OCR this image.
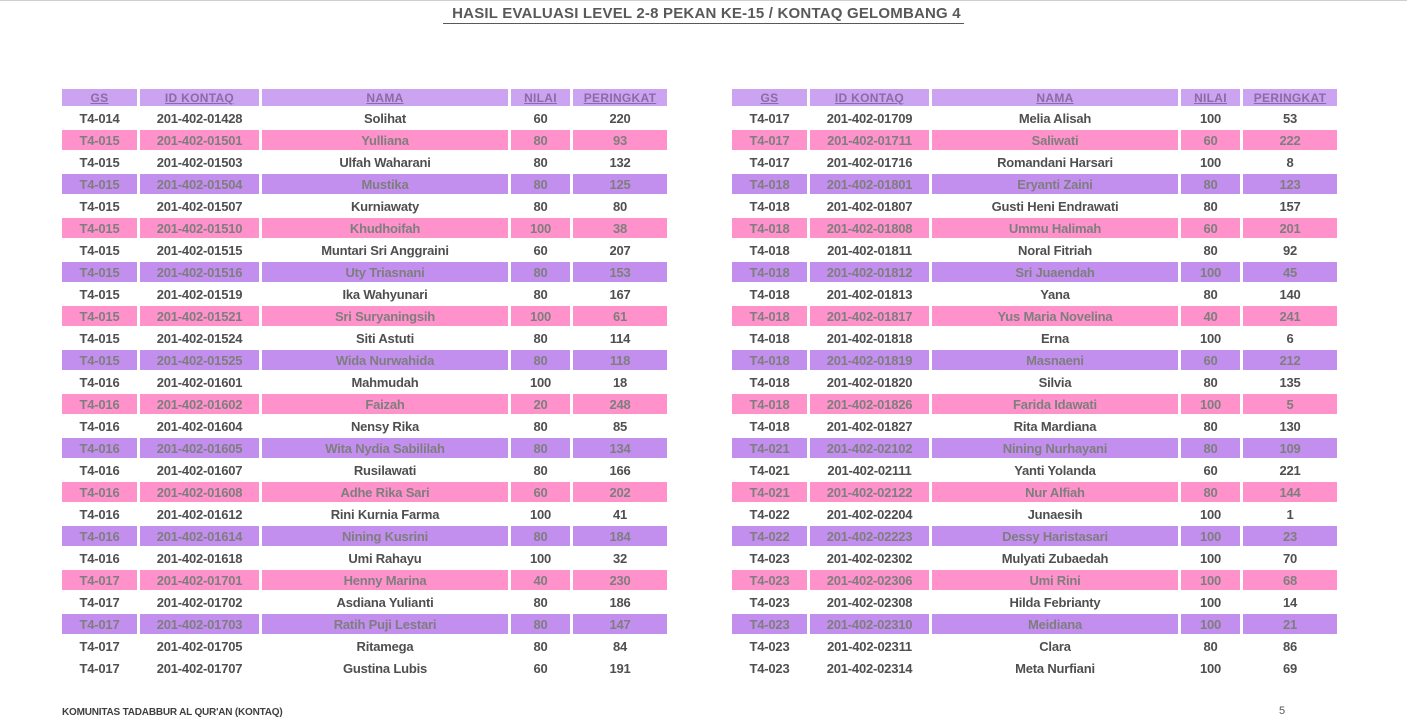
HASIL EVALUASI LEVEL 2-8 PEKAN KE-15 / KONTAQ GELOMBANG 4
GS	ID KONTAQ	NAMA	NILAI	PERINGKAT
T4-014	201-402-01428	Solihat	60	220
T4-015	201-402-01501	Yulliana	80	93
T4-015	201-402-01503	Ulfah Waharani	80	132
T4-015	201-402-01504	Mustika	80	125
T4-015	201-402-01507	Kurniawaty	80	80
T4-015	201-402-01510	Khudhoifah	100	38
T4-015	201-402-01515	Muntari Sri Anggraini	60	207
T4-015	201-402-01516	Uty Triasnani	80	153
T4-015	201-402-01519	Ika Wahyunari	80	167
T4-015	201-402-01521	Sri Suryaningsih	100	61
T4-015	201-402-01524	Siti Astuti	80	114
T4-015	201-402-01525	Wida Nurwahida	80	118
T4-016	201-402-01601	Mahmudah	100	18
T4-016	201-402-01602	Faizah	20	248
T4-016	201-402-01604	Nensy Rika	80	85
T4-016	201-402-01605	Wita Nydia Sabililah	80	134
T4-016	201-402-01607	Rusilawati	80	166
T4-016	201-402-01608	Adhe Rika Sari	60	202
T4-016	201-402-01612	Rini Kurnia Farma	100	41
T4-016	201-402-01614	Nining Kusrini	80	184
T4-016	201-402-01618	Umi Rahayu	100	32
T4-017	201-402-01701	Henny Marina	40	230
T4-017	201-402-01702	Asdiana Yulianti	80	186
T4-017	201-402-01703	Ratih Puji Lestari	80	147
T4-017	201-402-01705	Ritamega	80	84
T4-017	201-402-01707	Gustina Lubis	60	191
GS	ID KONTAQ	NAMA	NILAI	PERINGKAT
T4-017	201-402-01709	Melia Alisah	100	53
T4-017	201-402-01711	Saliwati	60	222
T4-017	201-402-01716	Romandani Harsari	100	8
T4-018	201-402-01801	Eryanti Zaini	80	123
T4-018	201-402-01807	Gusti Heni Endrawati	80	157
T4-018	201-402-01808	Ummu Halimah	60	201
T4-018	201-402-01811	Noral Fitriah	80	92
T4-018	201-402-01812	Sri Juaendah	100	45
T4-018	201-402-01813	Yana	80	140
T4-018	201-402-01817	Yus Maria Novelina	40	241
T4-018	201-402-01818	Erna	100	6
T4-018	201-402-01819	Masnaeni	60	212
T4-018	201-402-01820	Silvia	80	135
T4-018	201-402-01826	Farida Idawati	100	5
T4-018	201-402-01827	Rita Mardiana	80	130
T4-021	201-402-02102	Nining Nurhayani	80	109
T4-021	201-402-02111	Yanti Yolanda	60	221
T4-021	201-402-02122	Nur Alfiah	80	144
T4-022	201-402-02204	Junaesih	100	1
T4-022	201-402-02223	Dessy Haristasari	100	23
T4-023	201-402-02302	Mulyati Zubaedah	100	70
T4-023	201-402-02306	Umi Rini	100	68
T4-023	201-402-02308	Hilda Febrianty	100	14
T4-023	201-402-02310	Meidiana	100	21
T4-023	201-402-02311	Clara	80	86
T4-023	201-402-02314	Meta Nurfiani	100	69
KOMUNITAS TADABBUR AL QUR'AN (KONTAQ)	5
